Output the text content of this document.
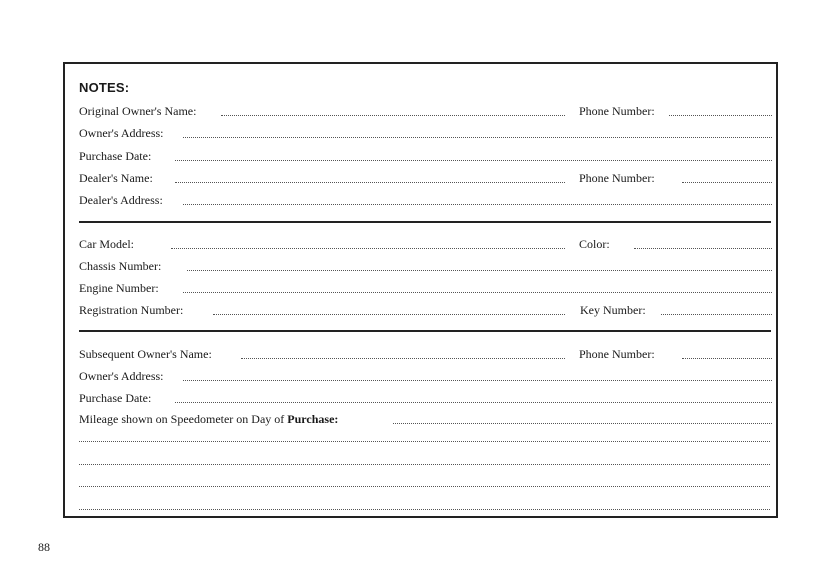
NOTES:
Original Owner's Name:	Phone Number:
Owner's Address:
Purchase Date:
Dealer's Name:	Phone Number:
Dealer's Address:
Car Model:	Color:
Chassis Number:
Engine Number:
Registration Number:	Key Number:
Subsequent Owner's Name:	Phone Number:
Owner's Address:
Purchase Date:
Mileage shown on Speedometer on Day of Purchase:
88
